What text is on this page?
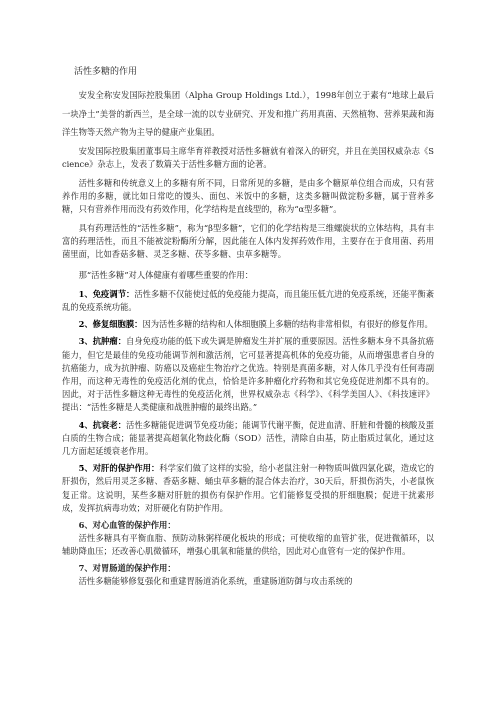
活性多糖的作用

安发全称安发国际控股集团（Alpha Group Holdings Ltd.），1998年创立于素有“地球上最后一块净土”美誉的新西兰，是全球一流的以专业研究、开发和推广药用真菌、天然植物、营养果蔬和海洋生物等天然产物为主导的健康产业集团。

安发国际控股集团董事局主席华育祥教授对活性多糖就有着深入的研究，并且在美国权威杂志《Science》杂志上，发表了数篇关于活性多糖方面的论著。

活性多糖和传统意义上的多糖有所不同，日常所见的多糖，是由多个糖原单位组合而成，只有营养作用的多糖，就比如日常吃的馒头、面包、米饭中的多糖，这类多糖叫做淀粉多糖，属于营养多糖，只有营养作用而没有药效作用，化学结构是直线型的，称为“α型多糖”。

具有药理活性的“活性多糖”，称为“β型多糖”，它们的化学结构是三维螺旋状的立体结构，具有丰富的药理活性，而且不能被淀粉酶所分解，因此能在人体内发挥药效作用，主要存在于食用菌、药用菌里面，比如香菇多糖、灵芝多糖、茯苓多糖、虫草多糖等。

那“活性多糖”对人体健康有着哪些重要的作用：

1、免疫调节：活性多糖不仅能使过低的免疫能力提高，而且能压低亢进的免疫系统，还能平衡紊乱的免疫系统功能。

2、修复细胞膜：因为活性多糖的结构和人体细胞膜上多糖的结构非常相似，有很好的修复作用。

3、抗肿瘤：自身免疫功能的低下或失调是肿瘤发生并扩展的重要原因。活性多糖本身不具备抗癌能力，但它是最佳的免疫功能调节剂和激活剂，它可显著提高机体的免疫功能，从而增强患者自身的抗癌能力，成为抗肿瘤、防癌以及癌症生物治疗之优选。特别是真菌多糖，对人体几乎没有任何毒副作用，而这种无毒性的免疫活化剂的优点，恰恰是许多肿瘤化疗药物和其它免疫促进剂都不具有的。因此，对于活性多糖这种无毒性的免疫活化剂，世界权威杂志《科学》、《科学美国人》、《科技速评》提出：“活性多糖是人类健康和战胜肿瘤的最终出路。”

4、抗衰老：活性多糖能促进调节免疫功能；能调节代谢平衡，促进血清、肝脏和骨髓的核酸及蛋白质的生物合成；能显著提高超氧化物歧化酶（SOD）活性，清除自由基，防止脂质过氧化，通过这几方面起延缓衰老作用。

5、对肝的保护作用：科学家们做了这样的实验，给小老鼠注射一种物质叫做四氯化碳，造成它的肝损伤，然后用灵芝多糖、香菇多糖、蛹虫草多糖的混合体去治疗，30天后，肝损伤消失，小老鼠恢复正常。这说明，某些多糖对肝脏的损伤有保护作用。它们能修复受损的肝细胞膜；促进干扰素形成，发挥抗病毒功效；对肝硬化有防护作用。

6、对心血管的保护作用：

活性多糖具有平衡血脂、预防动脉粥样硬化板块的形成；可使收缩的血管扩张，促进微循环，以辅助降血压；还改善心肌微循环，增强心肌氧和能量的供给，因此对心血管有一定的保护作用。

7、对胃肠道的保护作用：

活性多糖能够修复强化和重建胃肠道消化系统，重建肠道防御与攻击系统的
